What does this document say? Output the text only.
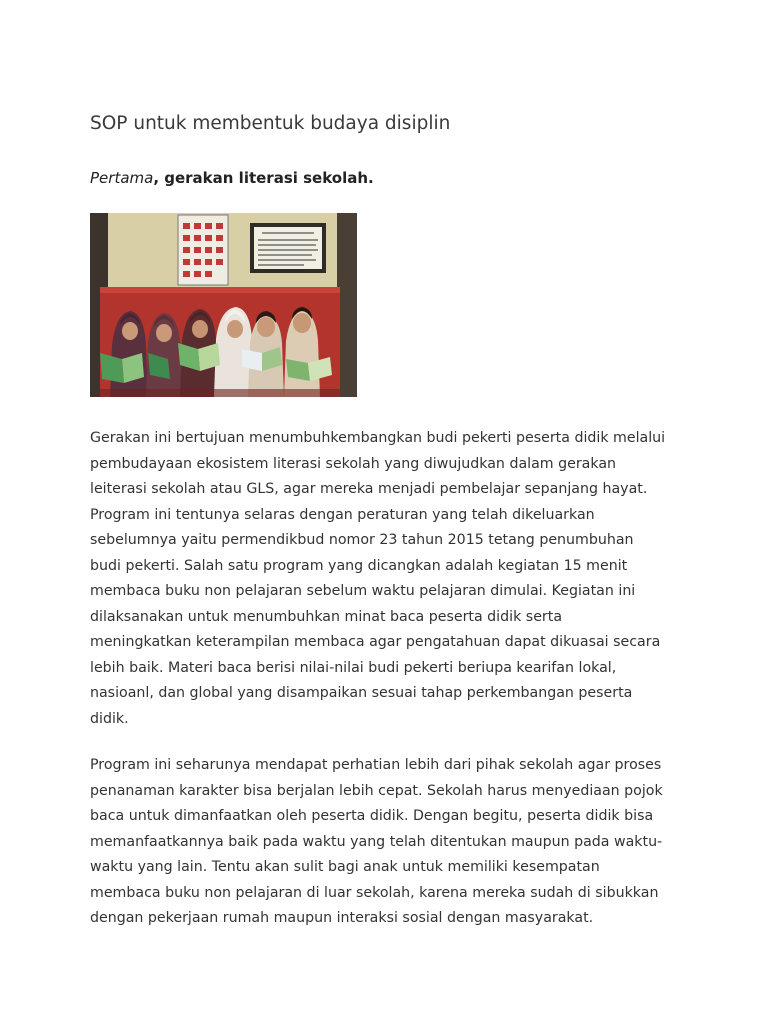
SOP untuk membentuk budaya disiplin
Pertama, gerakan literasi sekolah.

Gerakan ini bertujuan menumbuhkembangkan budi pekerti peserta didik melalui
pembudayaan ekosistem literasi sekolah yang diwujudkan dalam gerakan
leiterasi sekolah atau GLS, agar mereka menjadi pembelajar sepanjang hayat.
Program ini tentunya selaras dengan peraturan yang telah dikeluarkan
sebelumnya yaitu permendikbud nomor 23 tahun 2015 tetang penumbuhan
budi pekerti. Salah satu program yang dicangkan adalah kegiatan 15 menit
membaca buku non pelajaran sebelum waktu pelajaran dimulai. Kegiatan ini
dilaksanakan untuk menumbuhkan minat baca peserta didik serta
meningkatkan keterampilan membaca agar pengatahuan dapat dikuasai secara
lebih baik. Materi baca berisi nilai-nilai budi pekerti beriupa kearifan lokal,
nasioanl, dan global yang disampaikan sesuai tahap perkembangan peserta
didik.

Program ini seharunya mendapat perhatian lebih dari pihak sekolah agar proses
penanaman karakter bisa berjalan lebih cepat. Sekolah harus menyediaan pojok
baca untuk dimanfaatkan oleh peserta didik. Dengan begitu, peserta didik bisa
memanfaatkannya baik pada waktu yang telah ditentukan maupun pada waktu-
waktu yang lain. Tentu akan sulit bagi anak untuk memiliki kesempatan
membaca buku non pelajaran di luar sekolah, karena mereka sudah di sibukkan
dengan pekerjaan rumah maupun interaksi sosial dengan masyarakat.
